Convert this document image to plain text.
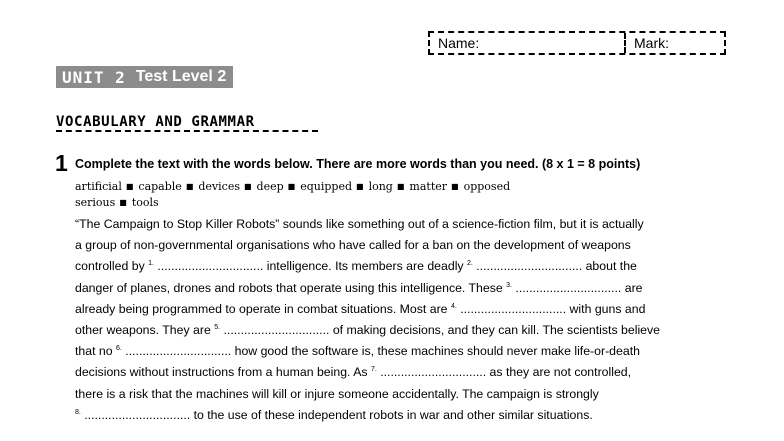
Name:	Mark:
UNIT 2 Test Level 2
VOCABULARY AND GRAMMAR
1 Complete the text with the words below. There are more words than you need. (8 x 1 = 8 points)
artificial ■ capable ■ devices ■ deep ■ equipped ■ long ■ matter ■ opposed
serious ■ tools
“The Campaign to Stop Killer Robots” sounds like something out of a science-fiction film, but it is actually
a group of non-governmental organisations who have called for a ban on the development of weapons
controlled by $^{1.}$ ............................... intelligence. Its members are deadly $^{2.}$ ............................... about the
danger of planes, drones and robots that operate using this intelligence. These $^{3.}$ ............................... are
already being programmed to operate in combat situations. Most are $^{4.}$ ............................... with guns and
other weapons. They are $^{5.}$ ............................... of making decisions, and they can kill. The scientists believe
that no $^{6.}$ ............................... how good the software is, these machines should never make life-or-death
decisions without instructions from a human being. As $^{7.}$ ............................... as they are not controlled,
there is a risk that the machines will kill or injure someone accidentally. The campaign is strongly
$^{8.}$ ............................... to the use of these independent robots in war and other similar situations.
